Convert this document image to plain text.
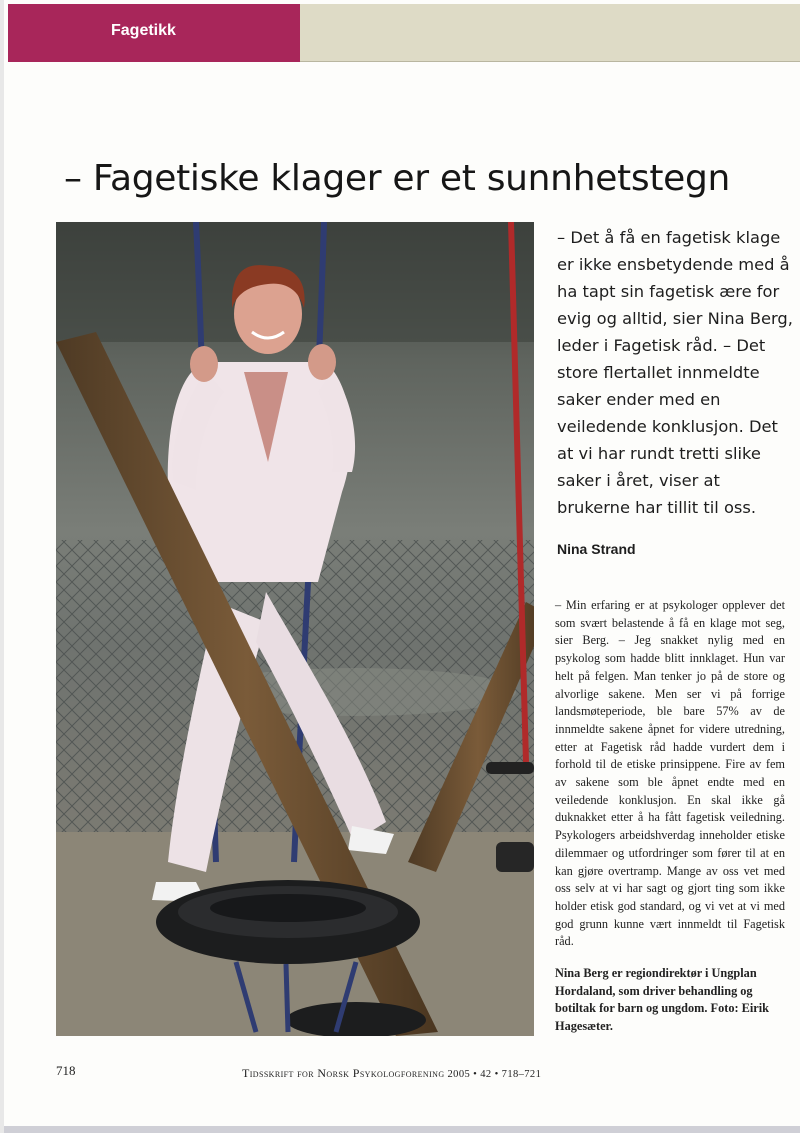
Fagetikk
– Fagetiske klager er et sunnhetstegn

– Det å få en fagetisk klage er ikke ensbetydende med å ha tapt sin fagetisk ære for evig og alltid, sier Nina Berg, leder i Fagetisk råd. – Det store flertallet innmeldte saker ender med en veiledende konklusjon. Det at vi har rundt tretti slike saker i året, viser at brukerne har tillit til oss.

Nina Strand

– Min erfaring er at psykologer opplever det som svært belastende å få en klage mot seg, sier Berg. – Jeg snakket nylig med en psykolog som hadde blitt innklaget. Hun var helt på felgen. Man tenker jo på de store og alvorlige sakene. Men ser vi på forrige landsmøteperiode, ble bare 57% av de innmeldte sakene åpnet for videre utredning, etter at Fagetisk råd hadde vurdert dem i forhold til de etiske prinsippene. Fire av fem av sakene som ble åpnet endte med en veiledende konklusjon. En skal ikke gå duknakket etter å ha fått fagetisk veiledning. Psykologers arbeidshverdag inneholder etiske dilemmaer og utfordringer som fører til at en kan gjøre overtramp. Mange av oss vet med oss selv at vi har sagt og gjort ting som ikke holder etisk god standard, og vi vet at vi med god grunn kunne vært innmeldt til Fagetisk råd.

Nina Berg er regiondirektør i Ungplan Hordaland, som driver behandling og botiltak for barn og ungdom. Foto: Eirik Hagesæter.

718	Tidsskrift for Norsk Psykologforening 2005 • 42 • 718–721
